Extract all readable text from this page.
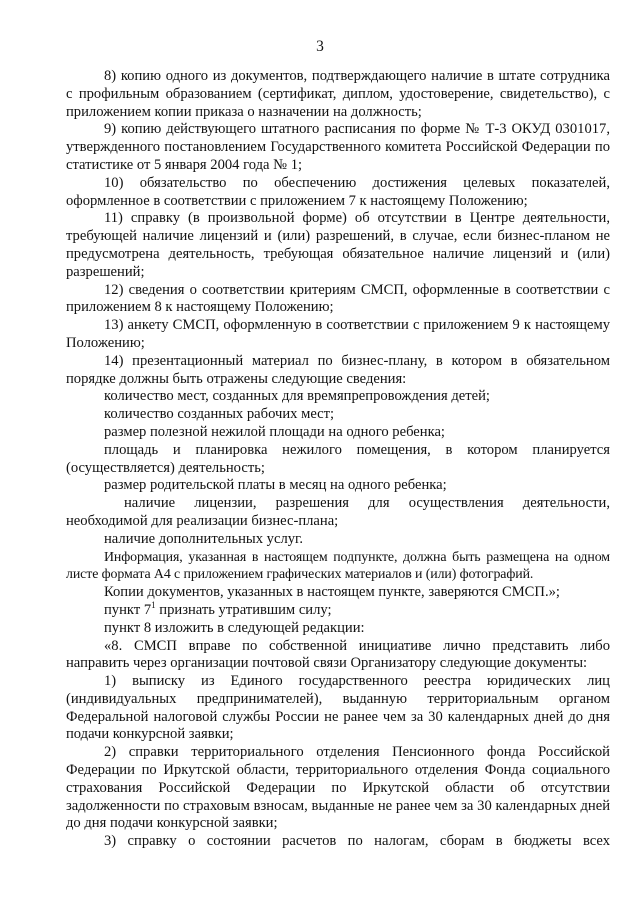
3

8) копию одного из документов, подтверждающего наличие в штате сотрудника с профильным образованием (сертификат, диплом, удостоверение, свидетельство), с приложением копии приказа о назначении на должность;

9) копию действующего штатного расписания по форме № Т-3 ОКУД 0301017, утвержденного постановлением Государственного комитета Российской Федерации по статистике от 5 января 2004 года № 1;

10) обязательство по обеспечению достижения целевых показателей, оформленное в соответствии с приложением 7 к настоящему Положению;

11) справку (в произвольной форме) об отсутствии в Центре деятельности, требующей наличие лицензий и (или) разрешений, в случае, если бизнес-планом не предусмотрена деятельность, требующая обязательное наличие лицензий и (или) разрешений;

12) сведения о соответствии критериям СМСП, оформленные в соответствии с приложением 8 к настоящему Положению;

13) анкету СМСП, оформленную в соответствии с приложением 9 к настоящему Положению;

14) презентационный материал по бизнес-плану, в котором в обязательном порядке должны быть отражены следующие сведения:

количество мест, созданных для времяпрепровождения детей;

количество созданных рабочих мест;

размер полезной нежилой площади на одного ребенка;

площадь и планировка нежилого помещения, в котором планируется (осуществляется) деятельность;

размер родительской платы в месяц на одного ребенка;

наличие лицензии, разрешения для осуществления деятельности, необходимой для реализации бизнес-плана;

наличие дополнительных услуг.

Информация, указанная в настоящем подпункте, должна быть размещена на одном листе формата А4 с приложением графических материалов и (или) фотографий.

Копии документов, указанных в настоящем пункте, заверяются СМСП.»;

пункт $7^1$ признать утратившим силу;

пункт 8 изложить в следующей редакции:

«8. СМСП вправе по собственной инициативе лично представить либо направить через организации почтовой связи Организатору следующие документы:

1) выписку из Единого государственного реестра юридических лиц (индивидуальных предпринимателей), выданную территориальным органом Федеральной налоговой службы России не ранее чем за 30 календарных дней до дня подачи конкурсной заявки;

2) справки территориального отделения Пенсионного фонда Российской Федерации по Иркутской области, территориального отделения Фонда социального страхования Российской Федерации по Иркутской области об отсутствии задолженности по страховым взносам, выданные не ранее чем за 30 календарных дней до дня подачи конкурсной заявки;

3) справку о состоянии расчетов по налогам, сборам в бюджеты всех
